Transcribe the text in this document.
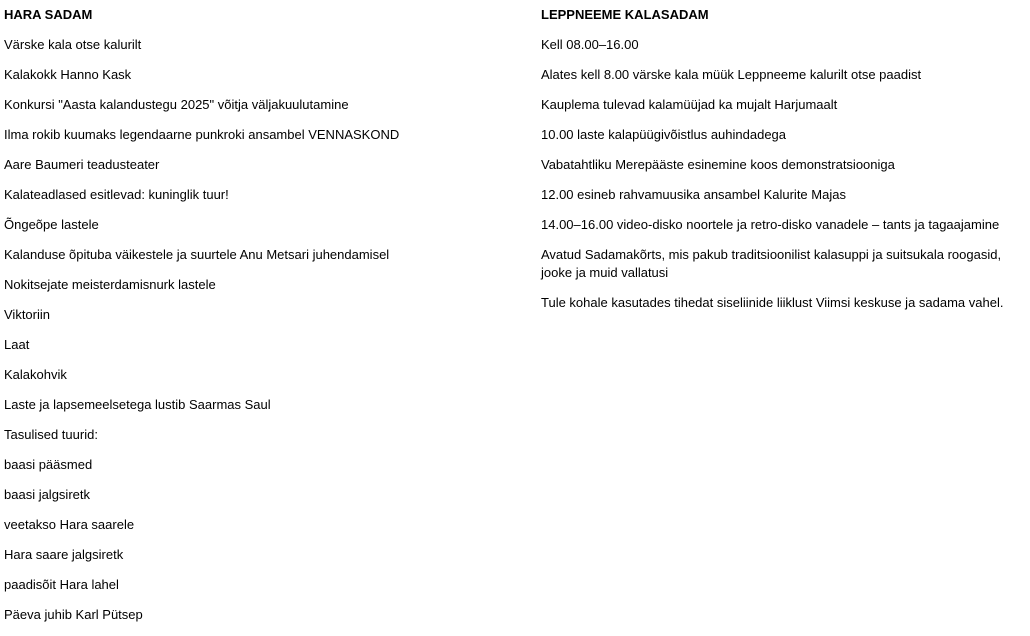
HARA SADAM
Värske kala otse kalurilt
Kalakokk Hanno Kask
Konkursi "Aasta kalandustegu 2025" võitja väljakuulutamine
Ilma rokib kuumaks legendaarne punkroki ansambel VENNASKOND
Aare Baumeri teadusteater
Kalateadlased esitlevad: kuninglik tuur!
Õngeõpe lastele
Kalanduse õpituba väikestele ja suurtele Anu Metsari juhendamisel
Nokitsejate meisterdamisnurk lastele
Viktoriin
Laat
Kalakohvik
Laste ja lapsemeelsetega lustib Saarmas Saul
Tasulised tuurid:
baasi pääsmed
baasi jalgsiretk
veetakso Hara saarele
Hara saare jalgsiretk
paadisõit Hara lahel
Päeva juhib Karl Pütsep
LEPPNEEME KALASADAM
Kell 08.00–16.00
Alates kell 8.00 värske kala müük Leppneeme kalurilt otse paadist
Kauplema tulevad kalamüüjad ka mujalt Harjumaalt
10.00 laste kalapüügivõistlus auhindadega
Vabatahtliku Merepääste esinemine koos demonstratsiooniga
12.00 esineb rahvamuusika ansambel Kalurite Majas
14.00–16.00 video-disko noortele ja retro-disko vanadele – tants ja tagaajamine
Avatud Sadamakõrts, mis pakub traditsioonilist kalasuppi ja suitsukala roogasid, jooke ja muid vallatusi
Tule kohale kasutades tihedat siseliinide liiklust Viimsi keskuse ja sadama vahel.
